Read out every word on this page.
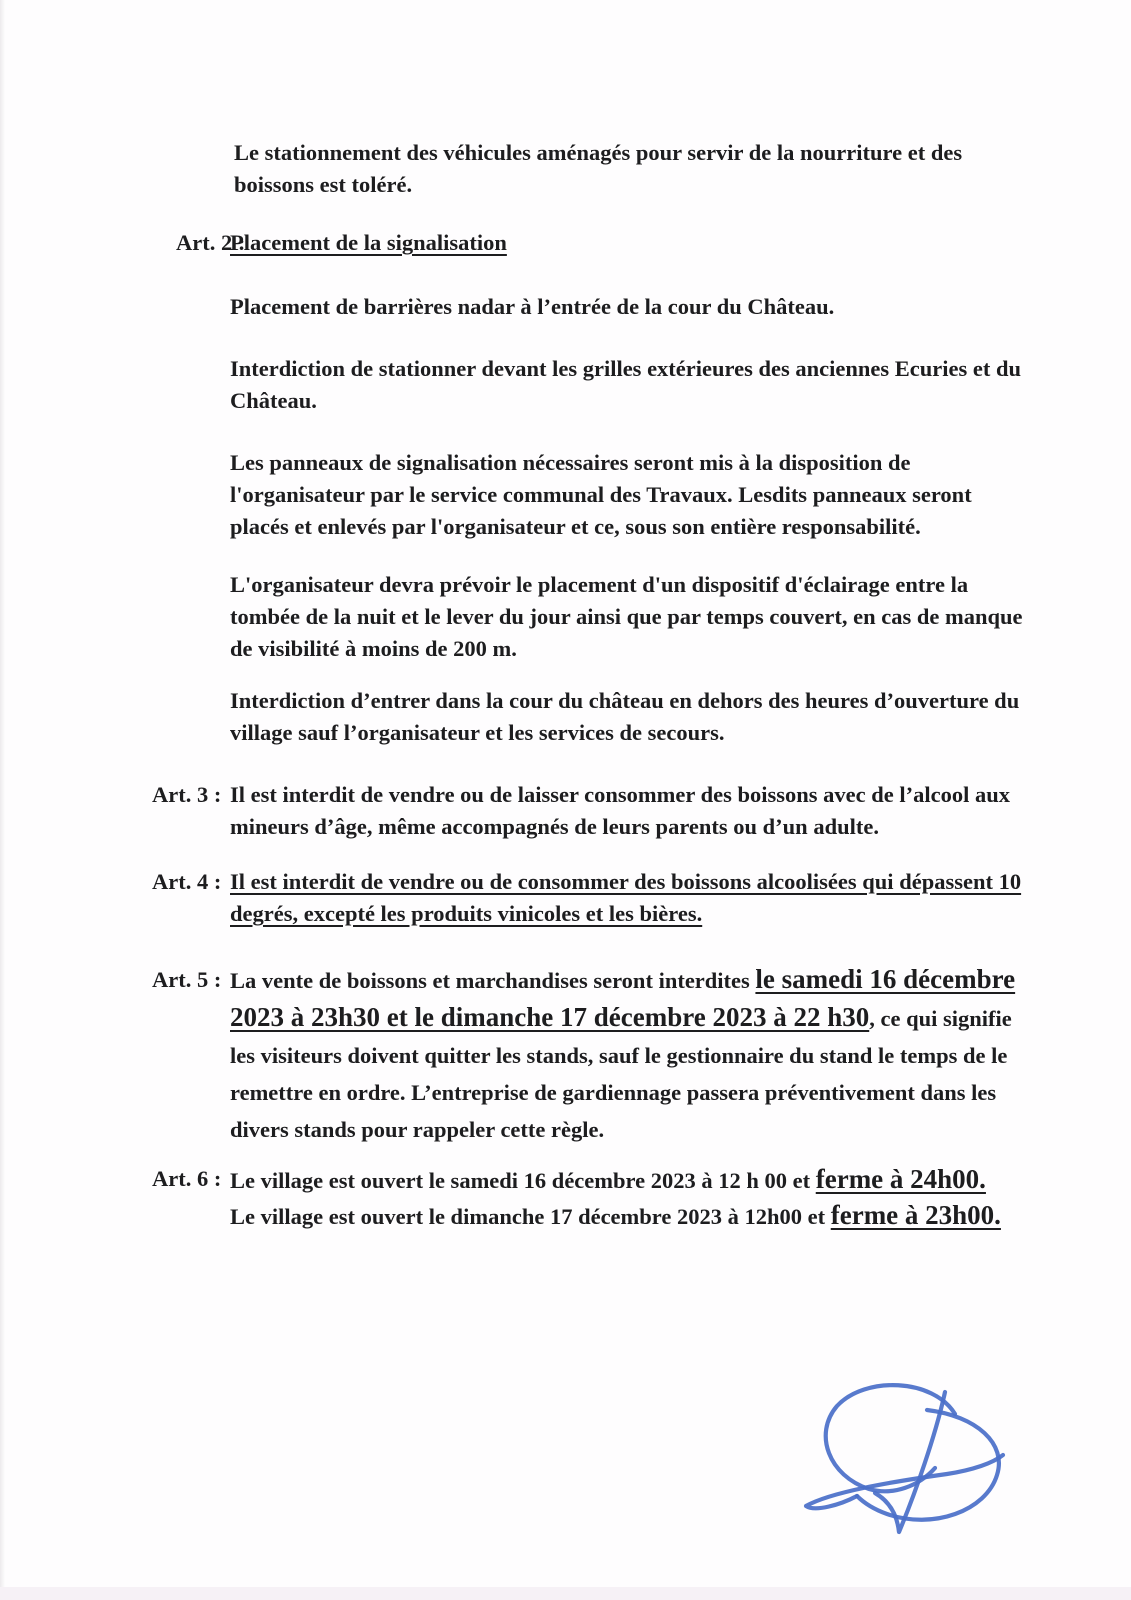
Le stationnement des véhicules aménagés pour servir de la nourriture et des boissons est toléré.

Art. 2 :
Placement de la signalisation

Placement de barrières nadar à l’entrée de la cour du Château.

Interdiction de stationner devant les grilles extérieures des anciennes Ecuries et du Château.

Les panneaux de signalisation nécessaires seront mis à la disposition de l'organisateur par le service communal des Travaux. Lesdits panneaux seront placés et enlevés par l'organisateur et ce, sous son entière responsabilité.

L'organisateur devra prévoir le placement d'un dispositif d'éclairage entre la tombée de la nuit et le lever du jour ainsi que par temps couvert, en cas de manque de visibilité à moins de 200 m.

Interdiction d’entrer dans la cour du château en dehors des heures d’ouverture du village sauf l’organisateur et les services de secours.

Art. 3 : Il est interdit de vendre ou de laisser consommer des boissons avec de l’alcool aux mineurs d’âge, même accompagnés de leurs parents ou d’un adulte.
Art. 4 : Il est interdit de vendre ou de consommer des boissons alcoolisées qui dépassent 10 degrés, excepté les produits vinicoles et les bières.
Art. 5 : La vente de boissons et marchandises seront interdites le samedi 16 décembre 2023 à 23h30 et le dimanche 17 décembre 2023 à 22 h30, ce qui signifie les visiteurs doivent quitter les stands, sauf le gestionnaire du stand le temps de le remettre en ordre. L’entreprise de gardiennage passera préventivement dans les divers stands pour rappeler cette règle.
Art. 6 : Le village est ouvert le samedi 16 décembre 2023 à 12 h 00 et ferme à 24h00.

Le village est ouvert le dimanche 17 décembre 2023 à 12h00 et ferme à 23h00.
